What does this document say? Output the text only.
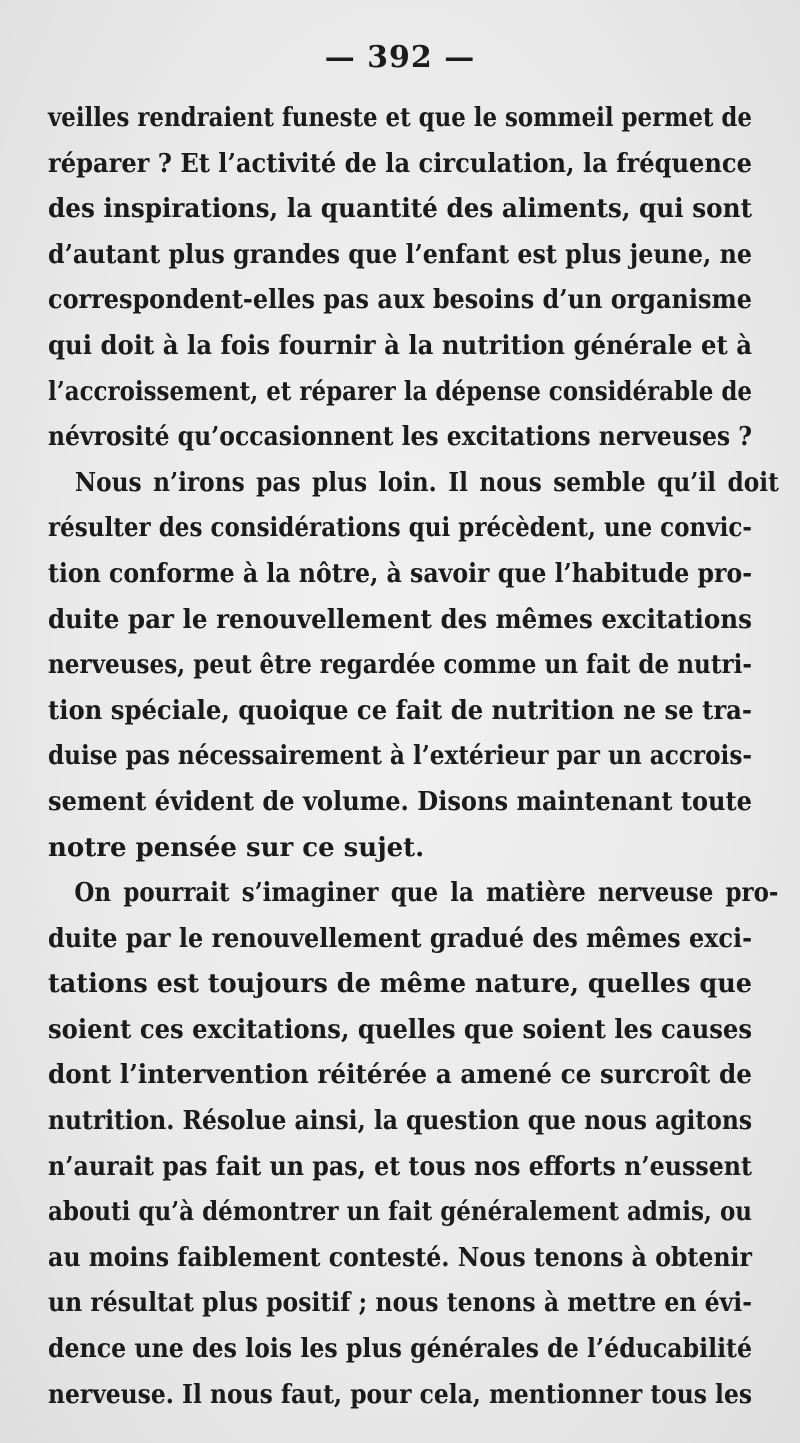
— 392 —
veilles rendraient funeste et que le sommeil permet de
réparer ? Et l’activité de la circulation, la fréquence
des inspirations, la quantité des aliments, qui sont
d’autant plus grandes que l’enfant est plus jeune, ne
correspondent-elles pas aux besoins d’un organisme
qui doit à la fois fournir à la nutrition générale et à
l’accroissement, et réparer la dépense considérable de
névrosité qu’occasionnent les excitations nerveuses ?
Nous n’irons pas plus loin. Il nous semble qu’il doit
résulter des considérations qui précèdent, une convic-
tion conforme à la nôtre, à savoir que l’habitude pro-
duite par le renouvellement des mêmes excitations
nerveuses, peut être regardée comme un fait de nutri-
tion spéciale, quoique ce fait de nutrition ne se tra-
duise pas nécessairement à l’extérieur par un accrois-
sement évident de volume. Disons maintenant toute
notre pensée sur ce sujet.
On pourrait s’imaginer que la matière nerveuse pro-
duite par le renouvellement gradué des mêmes exci-
tations est toujours de même nature, quelles que
soient ces excitations, quelles que soient les causes
dont l’intervention réitérée a amené ce surcroît de
nutrition. Résolue ainsi, la question que nous agitons
n’aurait pas fait un pas, et tous nos efforts n’eussent
abouti qu’à démontrer un fait généralement admis, ou
au moins faiblement contesté. Nous tenons à obtenir
un résultat plus positif ; nous tenons à mettre en évi-
dence une des lois les plus générales de l’éducabilité
nerveuse. Il nous faut, pour cela, mentionner tous les
